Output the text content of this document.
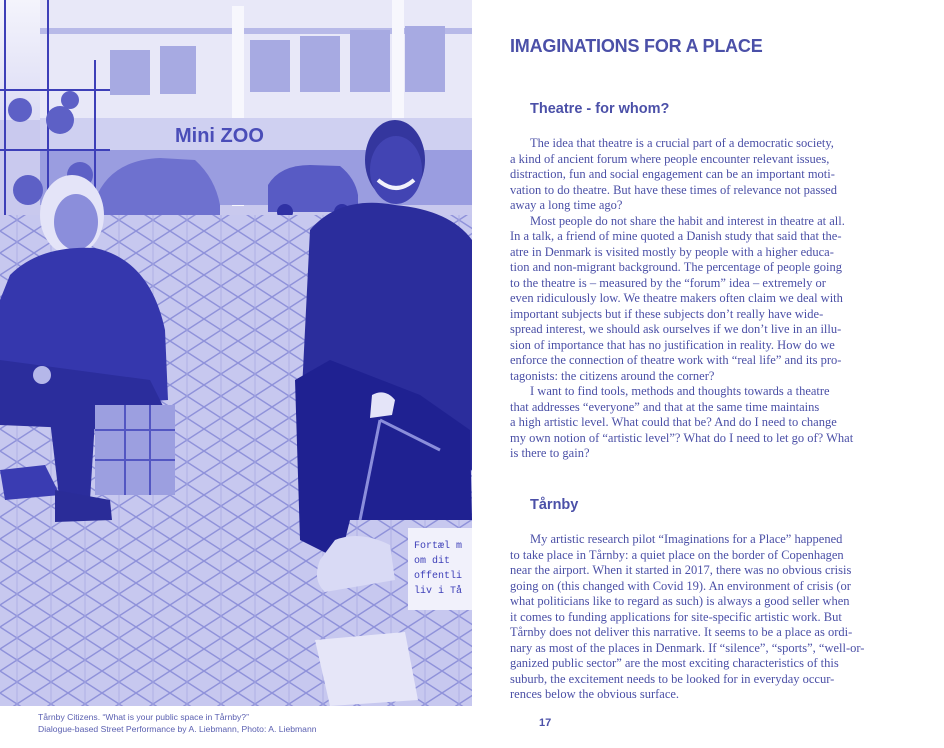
Mini ZOO
Fortæl m om dit offentli liv i Tå
Tårnby Citizens. “What is your public space in Tårnby?”
Dialogue-based Street Performance by A. Liebmann, Photo: A. Liebmann
IMAGINATIONS FOR A PLACE
Theatre - for whom?
The idea that theatre is a crucial part of a democratic society,
a kind of ancient forum where people encounter relevant issues,
distraction, fun and social engagement can be an important moti-
vation to do theatre. But have these times of relevance not passed
away a long time ago?
Most people do not share the habit and interest in theatre at all.
In a talk, a friend of mine quoted a Danish study that said that the-
atre in Denmark is visited mostly by people with a higher educa-
tion and non-migrant background. The percentage of people going
to the theatre is – measured by the “forum” idea – extremely or
even ridiculously low. We theatre makers often claim we deal with
important subjects but if these subjects don’t really have wide-
spread interest, we should ask ourselves if we don’t live in an illu-
sion of importance that has no justification in reality. How do we
enforce the connection of theatre work with “real life” and its pro-
tagonists: the citizens around the corner?
I want to find tools, methods and thoughts towards a theatre
that addresses “everyone” and that at the same time maintains
a high artistic level. What could that be? And do I need to change
my own notion of “artistic level”? What do I need to let go of? What
is there to gain?
Tårnby
My artistic research pilot “Imaginations for a Place” happened
to take place in Tårnby: a quiet place on the border of Copenhagen
near the airport. When it started in 2017, there was no obvious crisis
going on (this changed with Covid 19). An environment of crisis (or
what politicians like to regard as such) is always a good seller when
it comes to funding applications for site-specific artistic work. But
Tårnby does not deliver this narrative. It seems to be a place as ordi-
nary as most of the places in Denmark. If “silence”, “sports”, “well-or-
ganized public sector” are the most exciting characteristics of this
suburb, the excitement needs to be looked for in everyday occur-
rences below the obvious surface.
17
